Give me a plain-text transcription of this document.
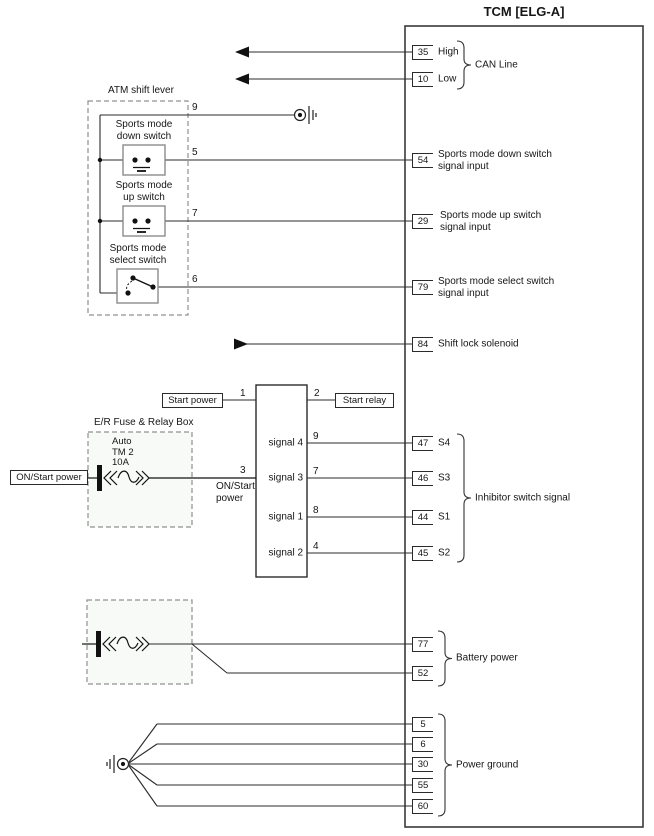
TCM [ELG-A]
High
Low
CAN Line
ATM shift lever
Sports mode
down switch
Sports mode
up switch
Sports mode
select switch
9
5
7
6
Sports mode down switch
signal input
Sports mode up switch
signal input
Sports mode select switch
signal input
Shift lock solenoid
Start power	Start relay
1	2
signal 4
signal 3
signal 1
signal 2
9
7
8
4
E/R Fuse & Relay Box
Auto
TM 2
10A
ON/Start power
3
ON/Start
power
S4
S3
S1
S2
Inhibitor switch signal
Battery power
Power ground
35
10
54
29
79
84
47
46
44
45
77
52
5
6
30
55
60
